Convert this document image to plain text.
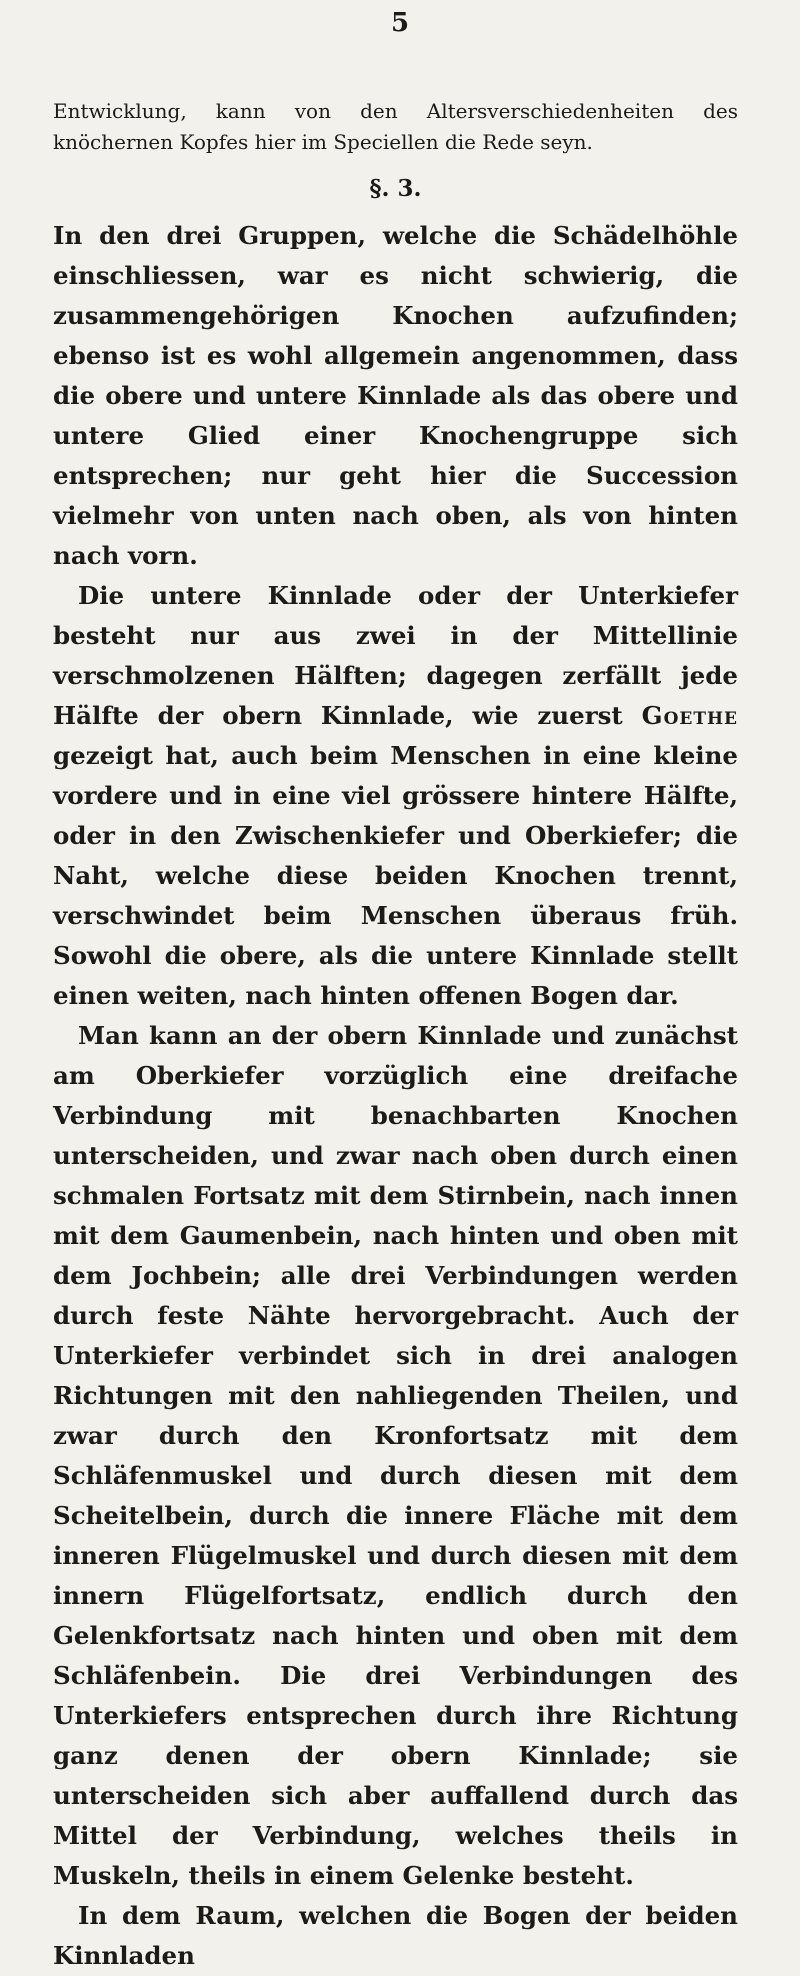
5

Entwicklung, kann von den Altersverschiedenheiten des knöchernen Kopfes hier im Speciellen die Rede seyn.

§. 3.

In den drei Gruppen, welche die Schädelhöhle einschliessen, war es nicht schwierig, die zusammengehörigen Knochen aufzufinden; ebenso ist es wohl allgemein angenommen, dass die obere und untere Kinnlade als das obere und untere Glied einer Knochengruppe sich entsprechen; nur geht hier die Succession vielmehr von unten nach oben, als von hinten nach vorn.

Die untere Kinnlade oder der Unterkiefer besteht nur aus zwei in der Mittellinie verschmolzenen Hälften; dagegen zerfällt jede Hälfte der obern Kinnlade, wie zuerst Goethe gezeigt hat, auch beim Menschen in eine kleine vordere und in eine viel grössere hintere Hälfte, oder in den Zwischenkiefer und Oberkiefer; die Naht, welche diese beiden Knochen trennt, verschwindet beim Menschen überaus früh. Sowohl die obere, als die untere Kinnlade stellt einen weiten, nach hinten offenen Bogen dar.

Man kann an der obern Kinnlade und zunächst am Oberkiefer vorzüglich eine dreifache Verbindung mit benachbarten Knochen unterscheiden, und zwar nach oben durch einen schmalen Fortsatz mit dem Stirnbein, nach innen mit dem Gaumenbein, nach hinten und oben mit dem Jochbein; alle drei Verbindungen werden durch feste Nähte hervorgebracht. Auch der Unterkiefer verbindet sich in drei analogen Richtungen mit den nahliegenden Theilen, und zwar durch den Kronfortsatz mit dem Schläfenmuskel und durch diesen mit dem Scheitelbein, durch die innere Fläche mit dem inneren Flügelmuskel und durch diesen mit dem innern Flügelfortsatz, endlich durch den Gelenkfortsatz nach hinten und oben mit dem Schläfenbein. Die drei Verbindungen des Unterkiefers entsprechen durch ihre Richtung ganz denen der obern Kinnlade; sie unterscheiden sich aber auffallend durch das Mittel der Verbindung, welches theils in Muskeln, theils in einem Gelenke besteht.

In dem Raum, welchen die Bogen der beiden Kinnladen
